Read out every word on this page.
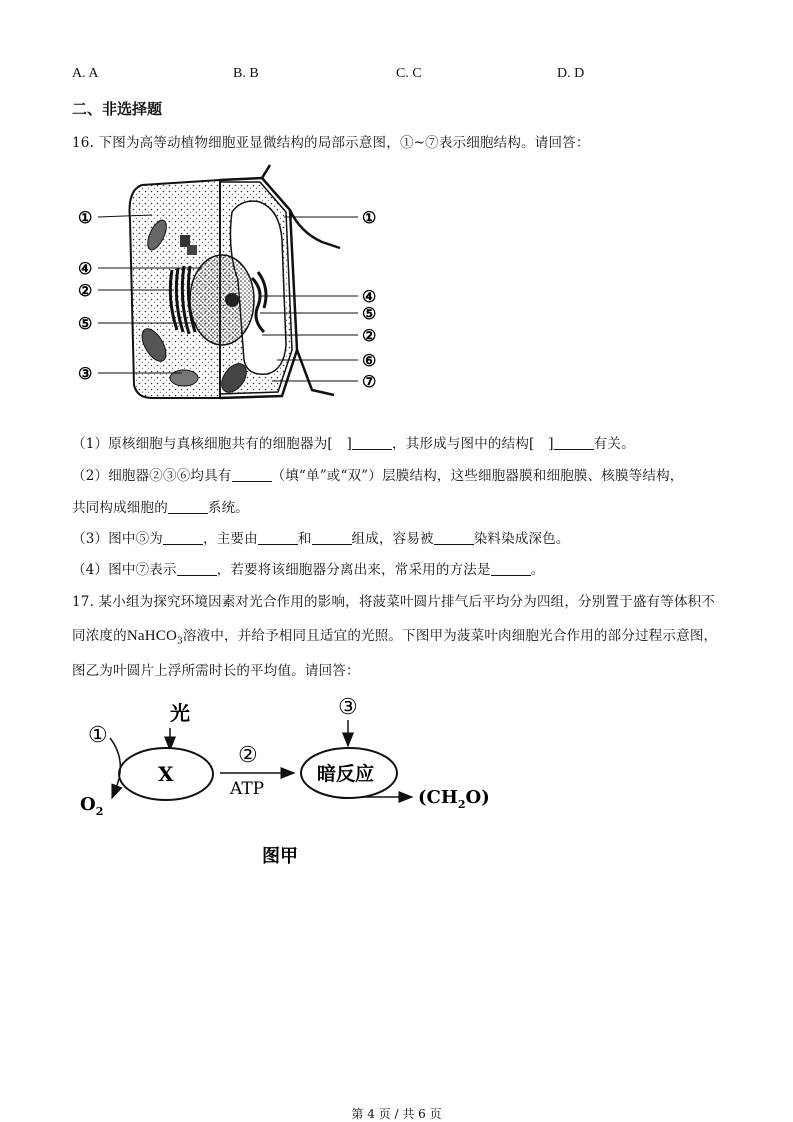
A. A	B. B	C. C	D. D
二、非选择题
16. 下图为高等动植物细胞亚显微结构的局部示意图，①~⑦表示细胞结构。请回答：
①
④
②
⑤
③
①
④
⑤
②
⑥
⑦
（1）原核细胞与真核细胞共有的细胞器为[　]	，其形成与图中的结构[　]	有关。
（2）细胞器②③⑥均具有	（填“单”或“双”）层膜结构，这些细胞器膜和细胞膜、核膜等结构，
共同构成细胞的	系统。
（3）图中⑤为	，主要由	和	组成，容易被	染料染成深色。
（4）图中⑦表示	，若要将该细胞器分离出来，常采用的方法是	。
17. 某小组为探究环境因素对光合作用的影响，将菠菜叶圆片排气后平均分为四组，分别置于盛有等体积不
同浓度的NaHCO$_3$溶液中，并给予相同且适宜的光照。下图甲为菠菜叶肉细胞光合作用的部分过程示意图，
图乙为叶圆片上浮所需时长的平均值。请回答：
光
X
①
$O_2$
②
ATP
③
暗反应
$(CH_2O)$
图甲
第 4 页 / 共 6 页
